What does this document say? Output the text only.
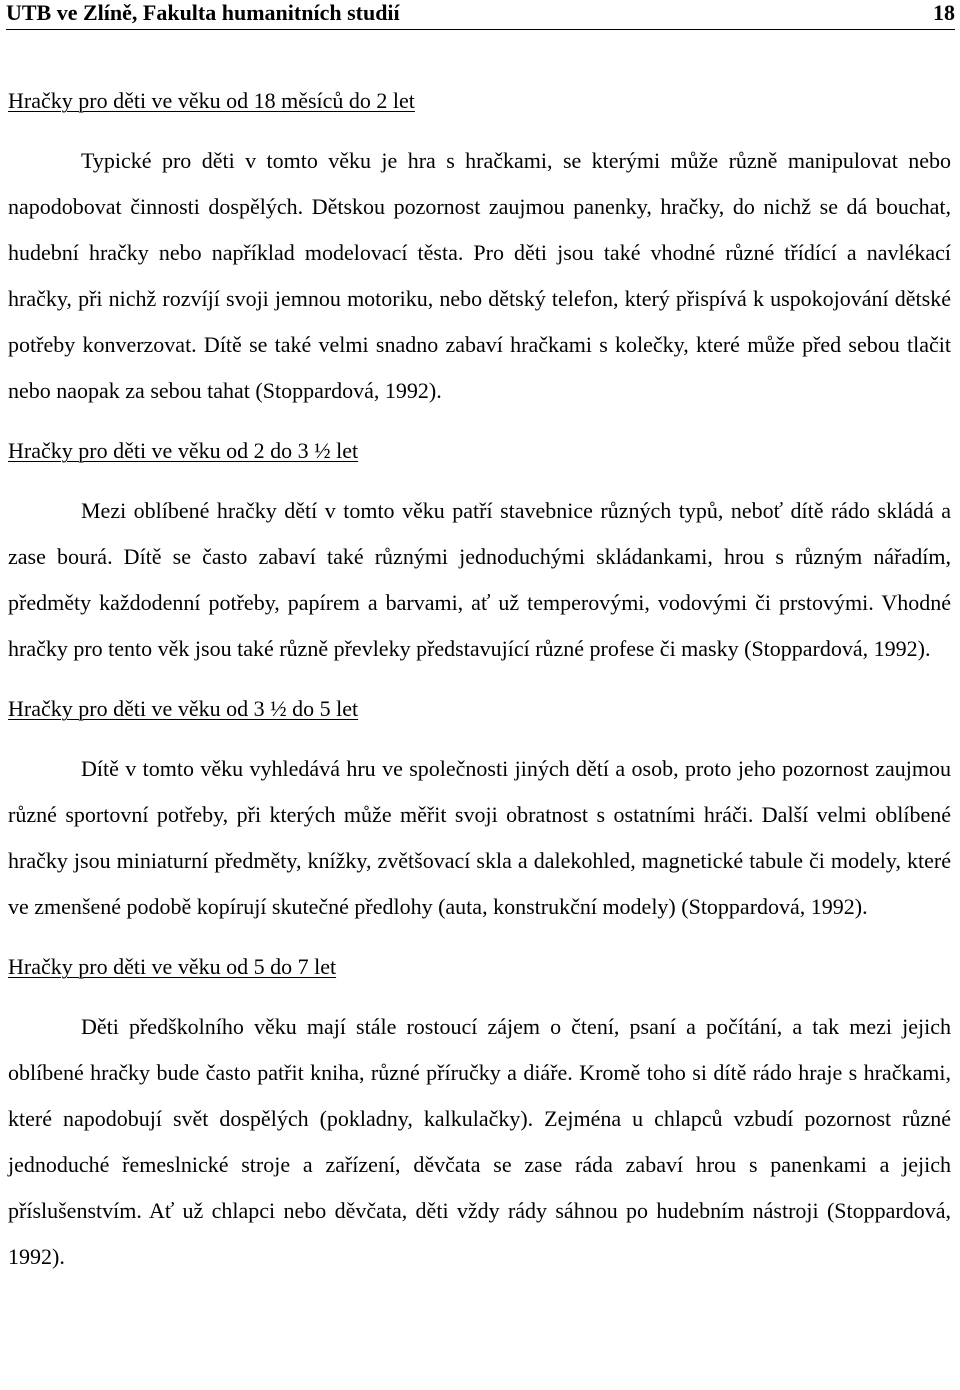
UTB ve Zlíně, Fakulta humanitních studií	18
Hračky pro děti ve věku od 18 měsíců do 2 let

Typické pro děti v tomto věku je hra s hračkami, se kterými může různě manipulovat nebo napodobovat činnosti dospělých. Dětskou pozornost zaujmou panenky, hračky, do nichž se dá bouchat, hudební hračky nebo například modelovací těsta. Pro děti jsou také vhodné různé třídící a navlékací hračky, při nichž rozvíjí svoji jemnou motoriku, nebo dětský telefon, který přispívá k uspokojování dětské potřeby konverzovat. Dítě se také velmi snadno zabaví hračkami s kolečky, které může před sebou tlačit nebo naopak za sebou tahat (Stoppardová, 1992).

Hračky pro děti ve věku od 2 do 3 ½ let

Mezi oblíbené hračky dětí v tomto věku patří stavebnice různých typů, neboť dítě rádo skládá a zase bourá. Dítě se často zabaví také různými jednoduchými skládankami, hrou s různým nářadím, předměty každodenní potřeby, papírem a barvami, ať už temperovými, vodovými či prstovými. Vhodné hračky pro tento věk jsou také různě převleky představující různé profese či masky (Stoppardová, 1992).

Hračky pro děti ve věku od 3 ½ do 5 let

Dítě v tomto věku vyhledává hru ve společnosti jiných dětí a osob, proto jeho pozornost zaujmou různé sportovní potřeby, při kterých může měřit svoji obratnost s ostatními hráči. Další velmi oblíbené hračky jsou miniaturní předměty, knížky, zvětšovací skla a dalekohled, magnetické tabule či modely, které ve zmenšené podobě kopírují skutečné předlohy (auta, konstrukční modely) (Stoppardová, 1992).

Hračky pro děti ve věku od 5 do 7 let

Děti předškolního věku mají stále rostoucí zájem o čtení, psaní a počítání, a tak mezi jejich oblíbené hračky bude často patřit kniha, různé příručky a diáře. Kromě toho si dítě rádo hraje s hračkami, které napodobují svět dospělých (pokladny, kalkulačky). Zejména u chlapců vzbudí pozornost různé jednoduché řemeslnické stroje a zařízení, děvčata se zase ráda zabaví hrou s panenkami a jejich příslušenstvím. Ať už chlapci nebo děvčata, děti vždy rády sáhnou po hudebním nástroji (Stoppardová, 1992).
